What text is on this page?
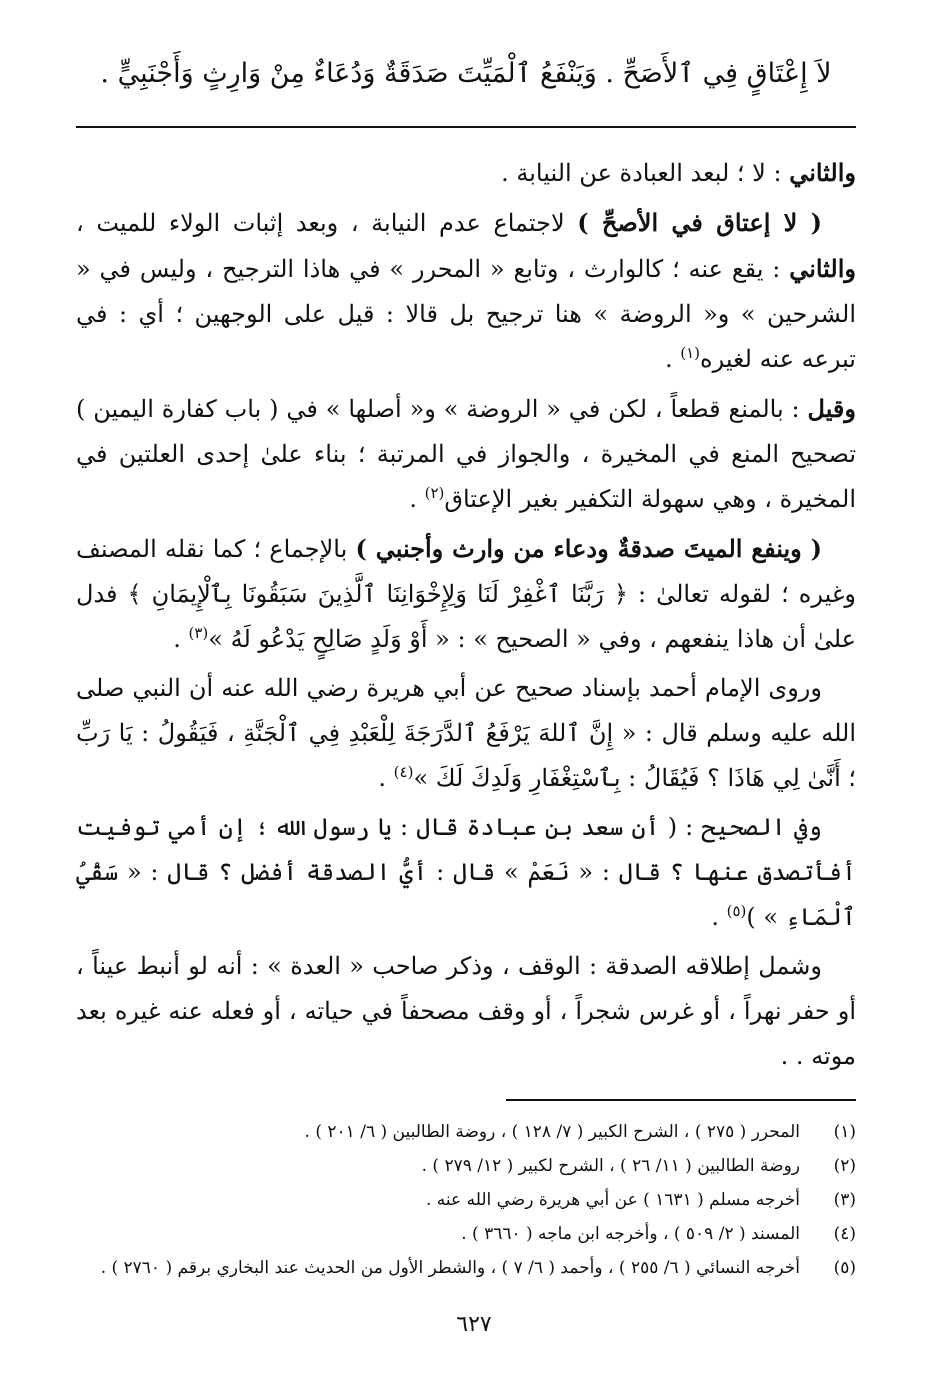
لاَ إِعْتَاقٍ فِي ٱلأَصَحِّ . وَيَنْفَعُ ٱلْمَيِّتَ صَدَقَةٌ وَدُعَاءٌ مِنْ وَارِثٍ وَأَجْنَبِيٍّ .

والثاني : لا ؛ لبعد العبادة عن النيابة .

( لا إعتاق في الأصحِّ ) لاجتماع عدم النيابة ، وبعد إثبات الولاء للميت ، والثاني : يقع عنه ؛ كالوارث ، وتابع « المحرر » في هاذا الترجيح ، وليس في « الشرحين » و« الروضة » هنا ترجيح بل قالا : قيل على الوجهين ؛ أي : في تبرعه عنه لغيره$^{(١)}$ .

وقيل : بالمنع قطعاً ، لكن في « الروضة » و« أصلها » في ( باب كفارة اليمين ) تصحيح المنع في المخيرة ، والجواز في المرتبة ؛ بناء علىٰ إحدى العلتين في المخيرة ، وهي سهولة التكفير بغير الإعتاق$^{(٢)}$ .

( وينفع الميتَ صدقةٌ ودعاء من وارث وأجنبي ) بالإجماع ؛ كما نقله المصنف وغيره ؛ لقوله تعالىٰ : ﴿ رَبَّنَا ٱغْفِرْ لَنَا وَلِإِخْوَانِنَا ٱلَّذِينَ سَبَقُونَا بِٱلْإِيمَانِ ﴾ فدل علىٰ أن هاذا ينفعهم ، وفي « الصحيح » : « أَوْ وَلَدٍ صَالِحٍ يَدْعُو لَهُ »$^{(٣)}$ .

وروى الإمام أحمد بإسناد صحيح عن أبي هريرة رضي الله عنه أن النبي صلى الله عليه وسلم قال : « إِنَّ ٱللهَ يَرْفَعُ ٱلدَّرَجَةَ لِلْعَبْدِ فِي ٱلْجَنَّةِ ، فَيَقُولُ : يَا رَبِّ ؛ أَنَّىٰ لِي هَاذَا ؟ فَيُقَالُ : بِٱسْتِغْفَارِ وَلَدِكَ لَكَ »$^{(٤)}$ .

وفي الصحيح : ( أن سعد بن عبادة قال : يا رسول الله ؛ إن أمي توفيت أفأتصدق عنها ؟ قال : « نَعَمْ » قال : أيُّ الصدقة أفضل ؟ قال : « سَقْيُ ٱلْمَاءِ » )$^{(٥)}$ .

وشمل إطلاقه الصدقة : الوقف ، وذكر صاحب « العدة » : أنه لو أنبط عيناً ، أو حفر نهراً ، أو غرس شجراً ، أو وقف مصحفاً في حياته ، أو فعله عنه غيره بعد موته . .

(١)
المحرر ( ٢٧٥ ) ، الشرح الكبير ( ٧/ ١٢٨ ) ، روضة الطالبين ( ٦/ ٢٠١ ) .
(٢)
روضة الطالبين ( ١١/ ٢٦ ) ، الشرح لكبير ( ١٢/ ٢٧٩ ) .
(٣)
أخرجه مسلم ( ١٦٣١ ) عن أبي هريرة رضي الله عنه .
(٤)
المسند ( ٢/ ٥٠٩ ) ، وأخرجه ابن ماجه ( ٣٦٦٠ ) .
(٥)
أخرجه النسائي ( ٦/ ٢٥٥ ) ، وأحمد ( ٦/ ٧ ) ، والشطر الأول من الحديث عند البخاري برقم ( ٢٧٦٠ ) .
٦٢٧
